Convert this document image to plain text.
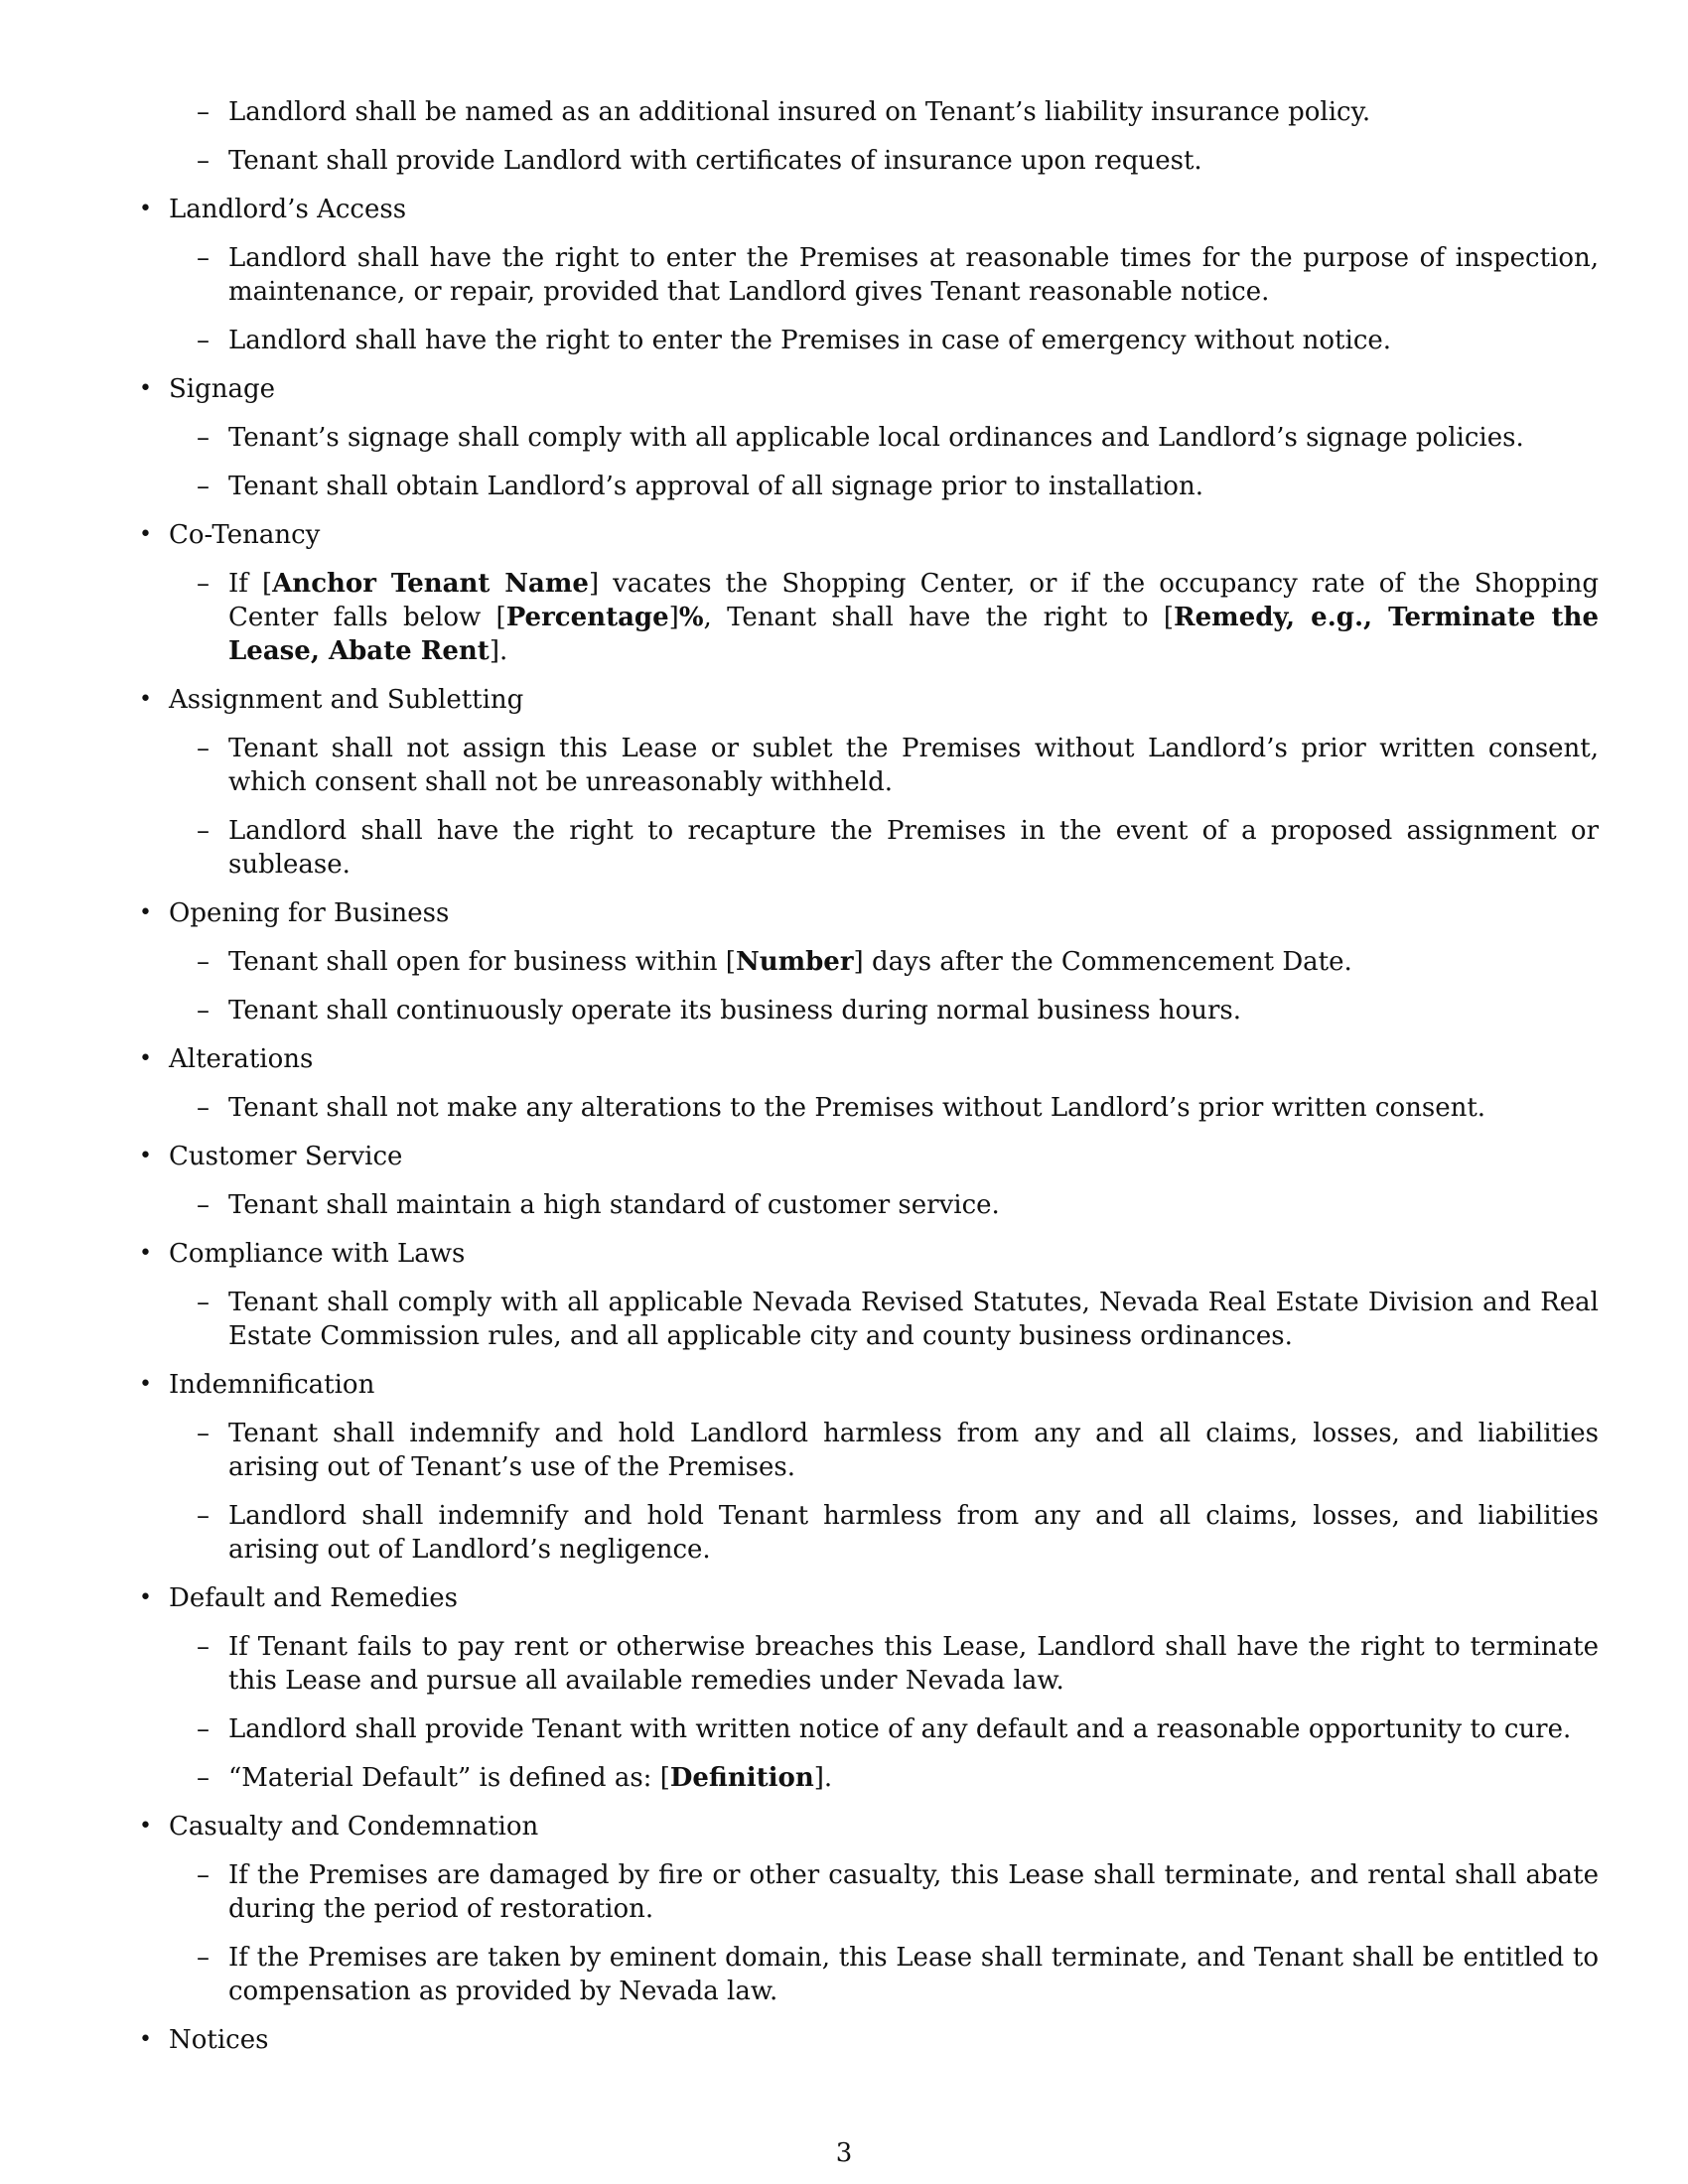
– Landlord shall be named as an additional insured on Tenant’s liability insurance policy.
– Tenant shall provide Landlord with certificates of insurance upon request.
• Landlord’s Access
– Landlord shall have the right to enter the Premises at reasonable times for the purpose of inspection, maintenance, or repair, provided that Landlord gives Tenant reasonable notice.
– Landlord shall have the right to enter the Premises in case of emergency without notice.
• Signage
– Tenant’s signage shall comply with all applicable local ordinances and Landlord’s signage policies.
– Tenant shall obtain Landlord’s approval of all signage prior to installation.
• Co-Tenancy
– If [Anchor Tenant Name] vacates the Shopping Center, or if the occupancy rate of the Shopping Center falls below [Percentage]%, Tenant shall have the right to [Remedy, e.g., Terminate the Lease, Abate Rent].
• Assignment and Subletting
– Tenant shall not assign this Lease or sublet the Premises without Landlord’s prior written consent, which consent shall not be unreasonably withheld.
– Landlord shall have the right to recapture the Premises in the event of a proposed assignment or sublease.
• Opening for Business
– Tenant shall open for business within [Number] days after the Commencement Date.
– Tenant shall continuously operate its business during normal business hours.
• Alterations
– Tenant shall not make any alterations to the Premises without Landlord’s prior written consent.
• Customer Service
– Tenant shall maintain a high standard of customer service.
• Compliance with Laws
– Tenant shall comply with all applicable Nevada Revised Statutes, Nevada Real Estate Division and Real Estate Commission rules, and all applicable city and county business ordinances.
• Indemnification
– Tenant shall indemnify and hold Landlord harmless from any and all claims, losses, and liabilities arising out of Tenant’s use of the Premises.
– Landlord shall indemnify and hold Tenant harmless from any and all claims, losses, and liabilities arising out of Landlord’s negligence.
• Default and Remedies
– If Tenant fails to pay rent or otherwise breaches this Lease, Landlord shall have the right to terminate this Lease and pursue all available remedies under Nevada law.
– Landlord shall provide Tenant with written notice of any default and a reasonable opportunity to cure.
– “Material Default” is defined as: [Definition].
• Casualty and Condemnation
– If the Premises are damaged by fire or other casualty, this Lease shall terminate, and rental shall abate during the period of restoration.
– If the Premises are taken by eminent domain, this Lease shall terminate, and Tenant shall be entitled to compensation as provided by Nevada law.
• Notices
3
